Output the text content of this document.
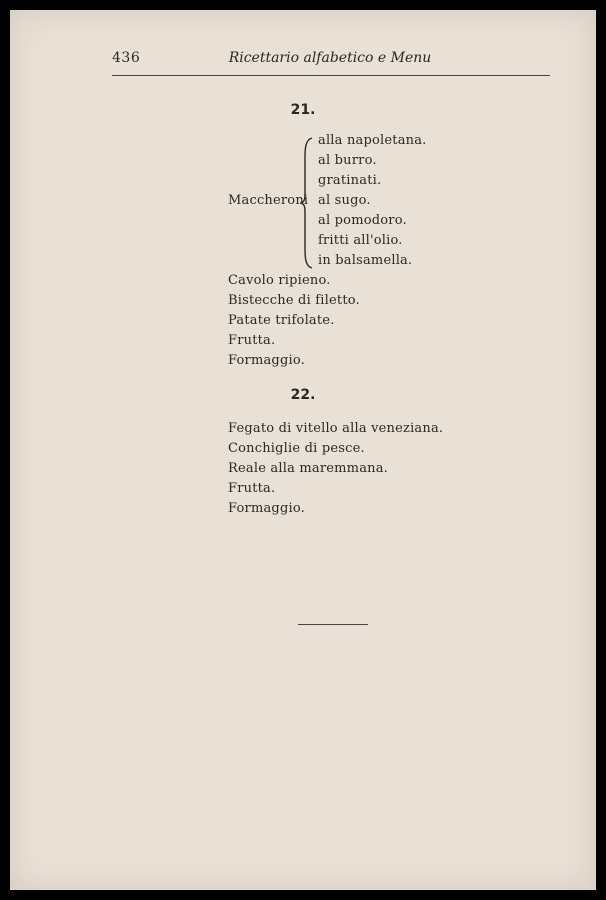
436	Ricettario alfabetico e Menu
21.
alla napoletana.
al burro.
gratinati.
al sugo.
al pomodoro.
fritti all'olio.
in balsamella.
Maccheroni
Cavolo ripieno.
Bistecche di filetto.
Patate trifolate.
Frutta.
Formaggio.
22.
Fegato di vitello alla veneziana.
Conchiglie di pesce.
Reale alla maremmana.
Frutta.
Formaggio.
